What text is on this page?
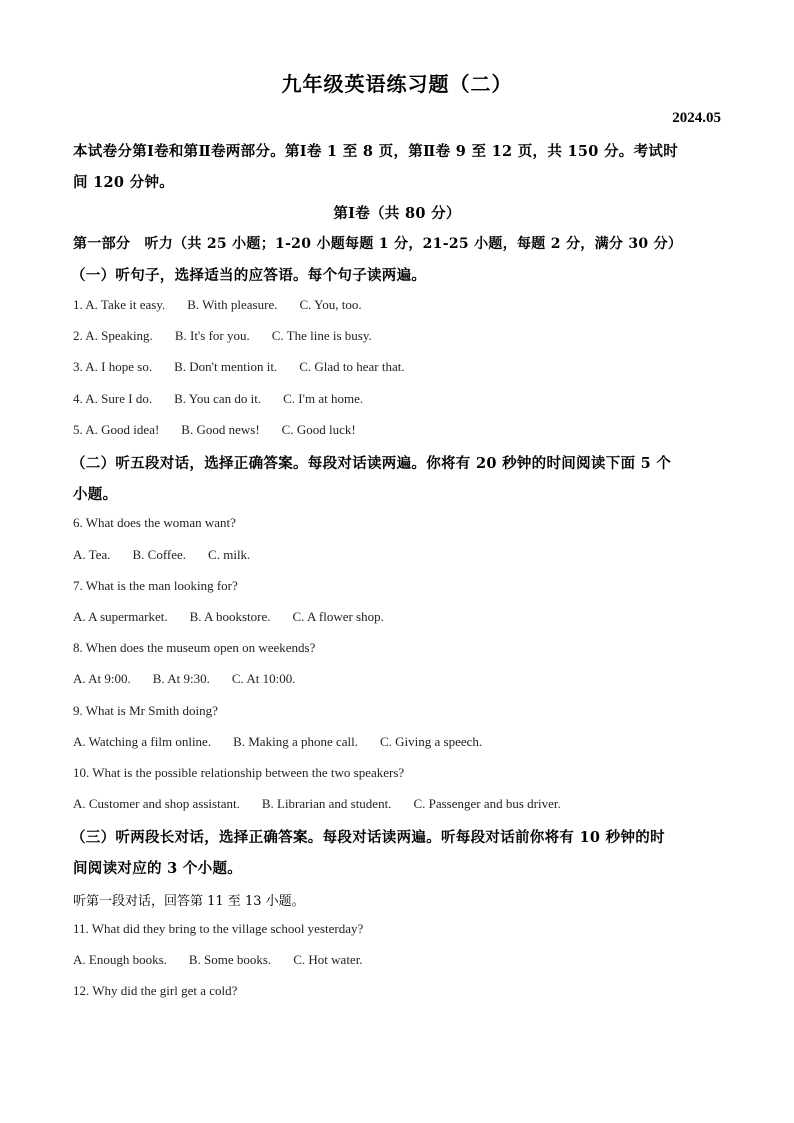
九年级英语练习题（二）
2024.05
本试卷分第Ⅰ卷和第Ⅱ卷两部分。第Ⅰ卷 1 至 8 页，第Ⅱ卷 9 至 12 页，共 150 分。考试时
间 120 分钟。
第Ⅰ卷（共 80 分）
第一部分　听力（共 25 小题；1-20 小题每题 1 分，21-25 小题，每题 2 分，满分 30 分）
（一）听句子，选择适当的应答语。每个句子读两遍。
1. A. Take it easy. B. With pleasure. C. You, too.
2. A. Speaking. B. It's for you. C. The line is busy.
3. A. I hope so. B. Don't mention it. C. Glad to hear that.
4. A. Sure I do. B. You can do it. C. I'm at home.
5. A. Good idea! B. Good news! C. Good luck!
（二）听五段对话，选择正确答案。每段对话读两遍。你将有 20 秒钟的时间阅读下面 5 个
小题。
6. What does the woman want?
A. Tea. B. Coffee. C. milk.
7. What is the man looking for?
A. A supermarket. B. A bookstore. C. A flower shop.
8. When does the museum open on weekends?
A. At 9:00. B. At 9:30. C. At 10:00.
9. What is Mr Smith doing?
A. Watching a film online. B. Making a phone call. C. Giving a speech.
10. What is the possible relationship between the two speakers?
A. Customer and shop assistant. B. Librarian and student. C. Passenger and bus driver.
（三）听两段长对话，选择正确答案。每段对话读两遍。听每段对话前你将有 10 秒钟的时
间阅读对应的 3 个小题。
听第一段对话，回答第 11 至 13 小题。
11. What did they bring to the village school yesterday?
A. Enough books. B. Some books. C. Hot water.
12. Why did the girl get a cold?
